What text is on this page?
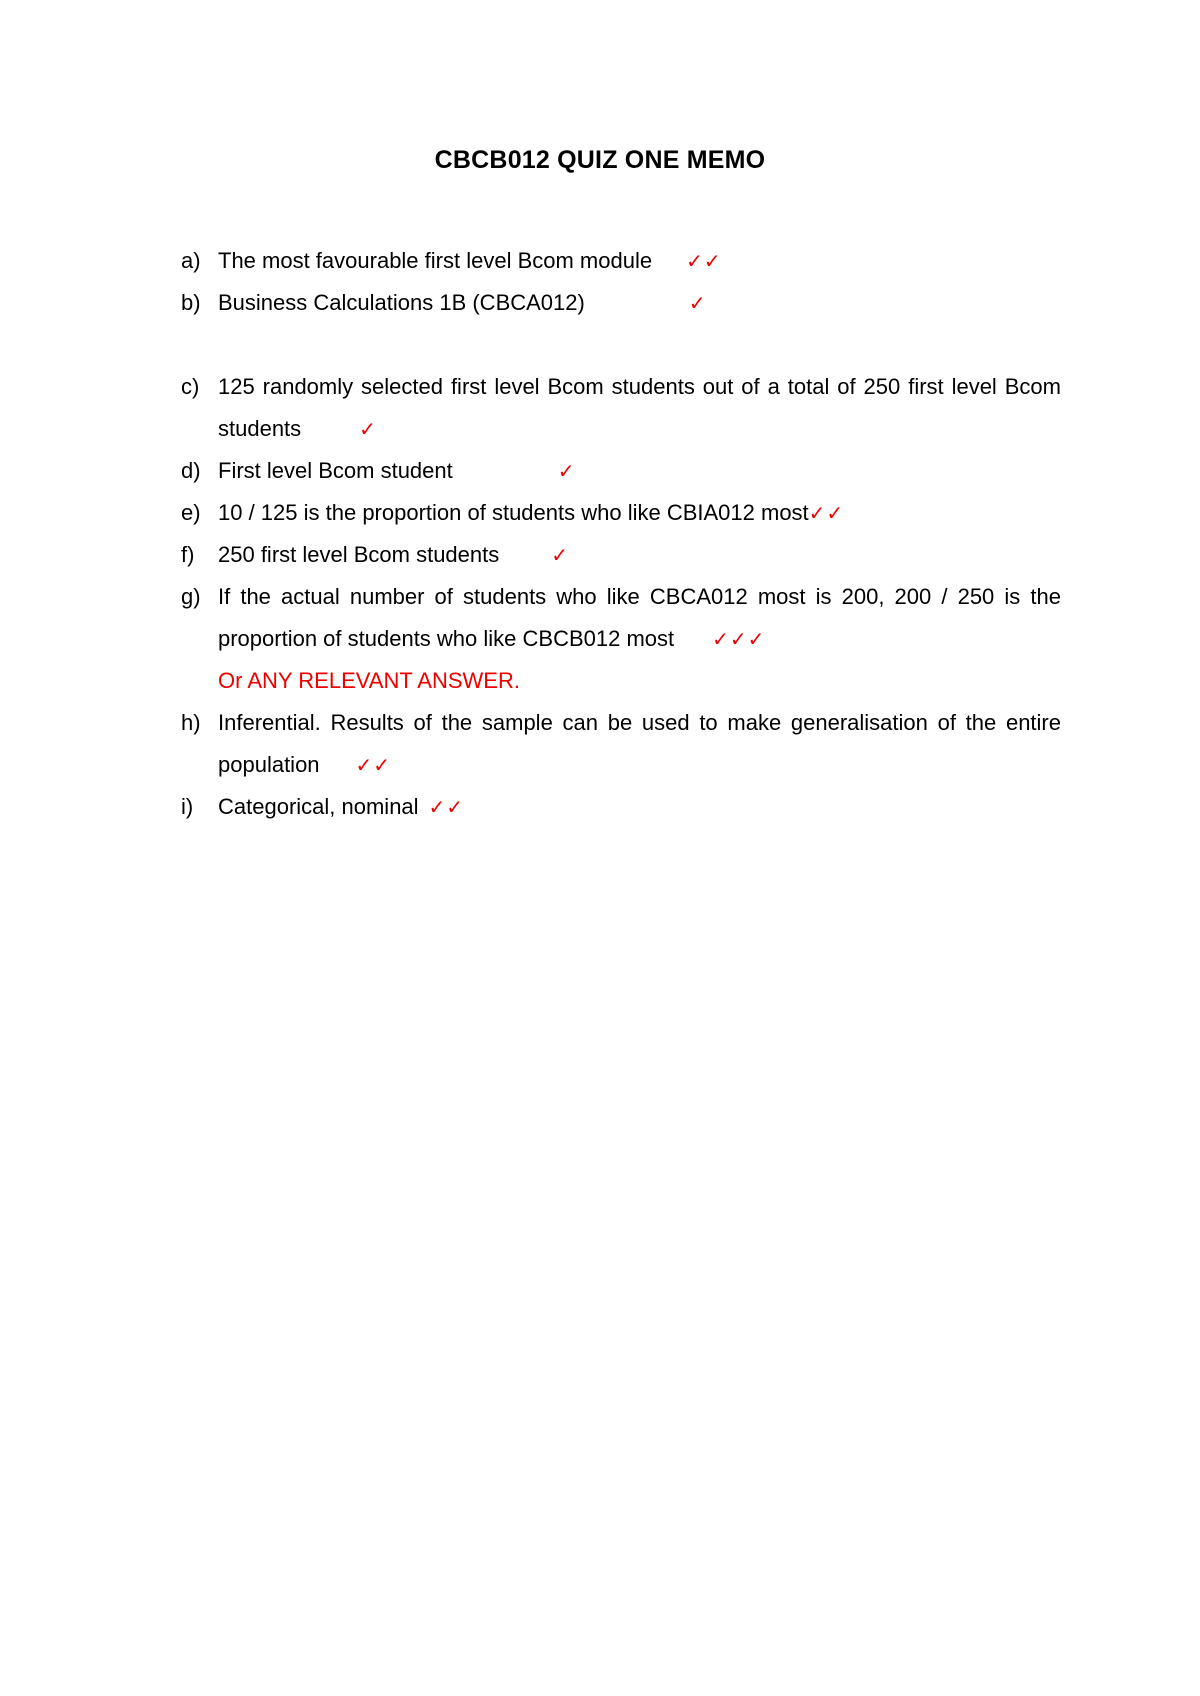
CBCB012 QUIZ ONE MEMO
a) The most favourable first level Bcom module ✓✓
b) Business Calculations 1B (CBCA012)	✓
c) 125 randomly selected first level Bcom students out of a total of 250 first level Bcom students	✓
d) First level Bcom student	✓
e) 10 / 125 is the proportion of students who like CBIA012 most✓✓
f)	250 first level Bcom students	✓
g) If the actual number of students who like CBCA012 most is 200, 200 / 250 is the proportion of students who like CBCB012 most ✓✓✓
Or ANY RELEVANT ANSWER.
h) Inferential. Results of the sample can be used to make generalisation of the entire population ✓✓
i)	Categorical, nominal ✓✓
